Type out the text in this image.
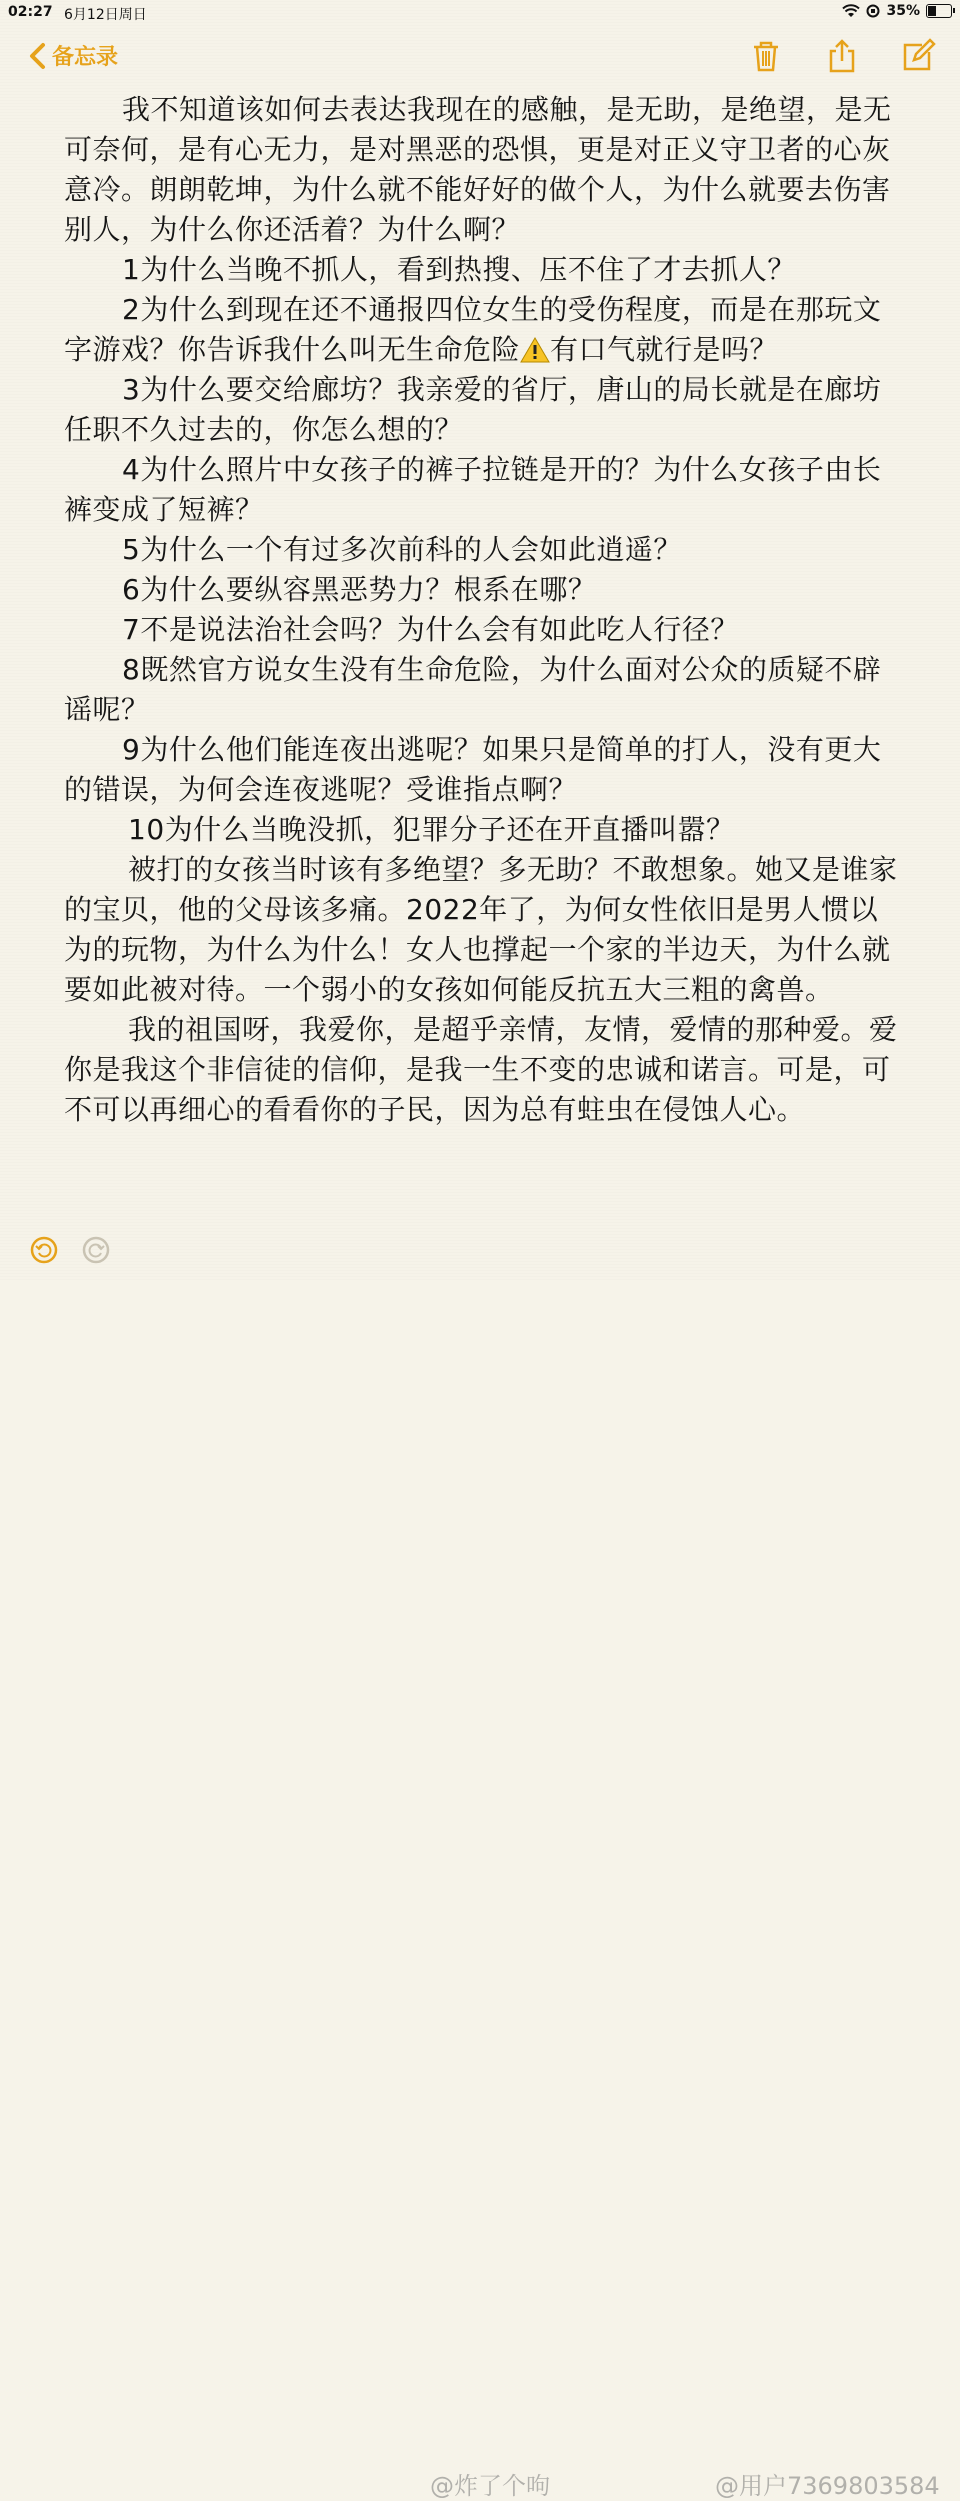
02:27 6月12日周日	35%
备忘录

我不知道该如何去表达我现在的感触，是无助，是绝望，是无可奈何，是有心无力，是对黑恶的恐惧，更是对正义守卫者的心灰意冷。朗朗乾坤，为什么就不能好好的做个人，为什么就要去伤害别人，为什么你还活着？为什么啊？

1为什么当晚不抓人，看到热搜、压不住了才去抓人？

2为什么到现在还不通报四位女生的受伤程度，而是在那玩文字游戏？你告诉我什么叫无生命危险 有口气就行是吗？

3为什么要交给廊坊？我亲爱的省厅，唐山的局长就是在廊坊任职不久过去的，你怎么想的？

4为什么照片中女孩子的裤子拉链是开的？为什么女孩子由长裤变成了短裤？

5为什么一个有过多次前科的人会如此逍遥？

6为什么要纵容黑恶势力？根系在哪？

7不是说法治社会吗？为什么会有如此吃人行径？

8既然官方说女生没有生命危险，为什么面对公众的质疑不辟谣呢？

9为什么他们能连夜出逃呢？如果只是简单的打人，没有更大的错误，为何会连夜逃呢？受谁指点啊？

10为什么当晚没抓，犯罪分子还在开直播叫嚣？

被打的女孩当时该有多绝望？多无助？不敢想象。她又是谁家的宝贝，他的父母该多痛。2022年了，为何女性依旧是男人惯以为的玩物，为什么为什么！女人也撑起一个家的半边天，为什么就要如此被对待。一个弱小的女孩如何能反抗五大三粗的禽兽。

我的祖国呀，我爱你，是超乎亲情，友情，爱情的那种爱。爱你是我这个非信徒的信仰，是我一生不变的忠诚和诺言。可是，可不可以再细心的看看你的子民，因为总有蛀虫在侵蚀人心。

@炸了个呴	@用户7369803584
